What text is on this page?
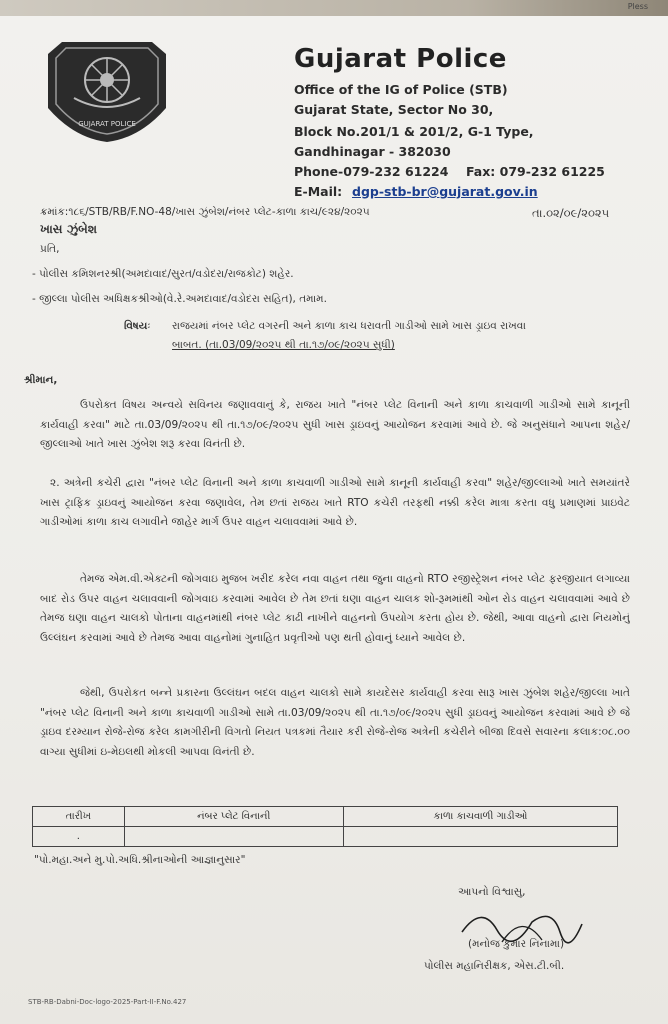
Pless
GUJARAT POLICE
Gujarat Police
Office of the IG of Police (STB)
Gujarat State, Sector No 30,
Block No.201/1 & 201/2, G-1 Type,
Gandhinagar - 382030
Phone-079-232 61224 Fax: 079-232 61225
E-Mail: dgp-stb-br@gujarat.gov.in
ક્રમાંક:૧૮૬/STB/RB/F.NO-48/ખાસ ઝુંબેશ/નંબર પ્લેટ-કાળા કાચ/૯૨૪/૨૦૨૫	તા.૦૨/૦૯/૨૦૨૫
ખાસ ઝુંબેશ
પ્રતિ,
- પોલીસ કમિશનરશ્રી(અમદાવાદ/સુરત/વડોદરા/રાજકોટ) શહેર.
- જીલ્લા પોલીસ અધિક્ષકશ્રીઓ(વે.રે.અમદાવાદ/વડોદરા સહિત), તમામ.
વિષયઃ રાજયમાં નંબર પ્લેટ વગરની અને કાળા કાચ ધરાવતી ગાડીઓ સામે ખાસ ડ્રાઇવ રાખવા
બાબત. (તા.03/09/૨૦૨૫ થી તા.૧૭/૦૯/૨૦૨૫ સુધી)
શ્રીમાન,

ઉપરોક્ત વિષય અન્વયે સવિનય જણાવવાનું કે, રાજય ખાતે "નંબર પ્લેટ વિનાની અને કાળા કાચવાળી ગાડીઓ સામે કાનૂની કાર્યવાહી કરવા" માટે તા.03/09/૨૦૨૫ થી તા.૧૭/૦૯/૨૦૨૫ સુધી ખાસ ડ્રાઇવનું આયોજન કરવામાં આવે છે. જે અનુસંધાને આપના શહેર/જીલ્લાઓ ખાતે ખાસ ઝુંબેશ શરૂ કરવા વિનંતી છે.

૨. અત્રેની કચેરી દ્વારા "નંબર પ્લેટ વિનાની અને કાળા કાચવાળી ગાડીઓ સામે કાનૂની કાર્યવાહી કરવા" શહેર/જીલ્લાઓ ખાતે સમયાંતરે ખાસ ટ્રાફિક ડ્રાઇવનું આયોજન કરવા જણાવેલ, તેમ છતાં રાજય ખાતે RTO કચેરી તરફથી નક્કી કરેલ માત્રા કરતા વધુ પ્રમાણમાં પ્રાઇવેટ ગાડીઓમાં કાળા કાચ લગાવીને જાહેર માર્ગ ઉપર વાહન ચલાવવામાં આવે છે.

તેમજ એમ.વી.એક્ટની જોગવાઇ મુજબ ખરીદ કરેલ નવા વાહન તથા જુના વાહનો RTO રજીસ્ટ્રેશન નંબર પ્લેટ ફરજીયાત લગાવ્યા બાદ રોડ ઉપર વાહન ચલાવવાની જોગવાઇ કરવામાં આવેલ છે તેમ છતાં ઘણા વાહન ચાલક શો-રૂમમાંથી ઓન રોડ વાહન ચલાવવામાં આવે છે તેમજ ઘણા વાહન ચાલકો પોતાના વાહનમાંથી નંબર પ્લેટ કાઢી નાખીને વાહનનો ઉપયોગ કરતા હોય છે. જેથી, આવા વાહનો દ્વારા નિયમોનું ઉલ્લંઘન કરવામાં આવે છે તેમજ આવા વાહનોમાં ગુનાહિત પ્રવૃતીઓ પણ થતી હોવાનું ધ્યાને આવેલ છે.

જેથી, ઉપરોકત બન્ને પ્રકારના ઉલ્લંઘન બદલ વાહન ચાલકો સામે કાયદેસર કાર્યવાહી કરવા સારૂ ખાસ ઝુંબેશ શહેર/જીલ્લા ખાતે "નંબર પ્લેટ વિનાની અને કાળા કાચવાળી ગાડીઓ સામે તા.03/09/૨૦૨૫ થી તા.૧૭/૦૯/૨૦૨૫ સુધી ડ્રાઇવનું આયોજન કરવામાં આવે છે જે ડ્રાઇવ દરમ્યાન રોજે-રોજ કરેલ કામગીરીની વિગતો નિયત પત્રકમાં તૈયાર કરી રોજે-રોજ અત્રેની કચેરીને બીજા દિવસે સવારના કલાક:૦૮.૦૦ વાગ્યા સુધીમાં ઇ-મેઇલથી મોકલી આપવા વિનંતી છે.

તારીખ	નંબર પ્લેટ વિનાની	કાળા કાચવાળી ગાડીઓ
.		
"પો.મહા.અને મુ.પો.અધિ.શ્રીનાઓની આજ્ઞાનુસાર"
આપનો વિશ્વાસુ,
(મનોજ કુમાર નિનામા)
પોલીસ મહાનિરીક્ષક, એસ.ટી.બી.
STB-RB-Dabni-Doc-logo-2025-Part-II-F.No.427
